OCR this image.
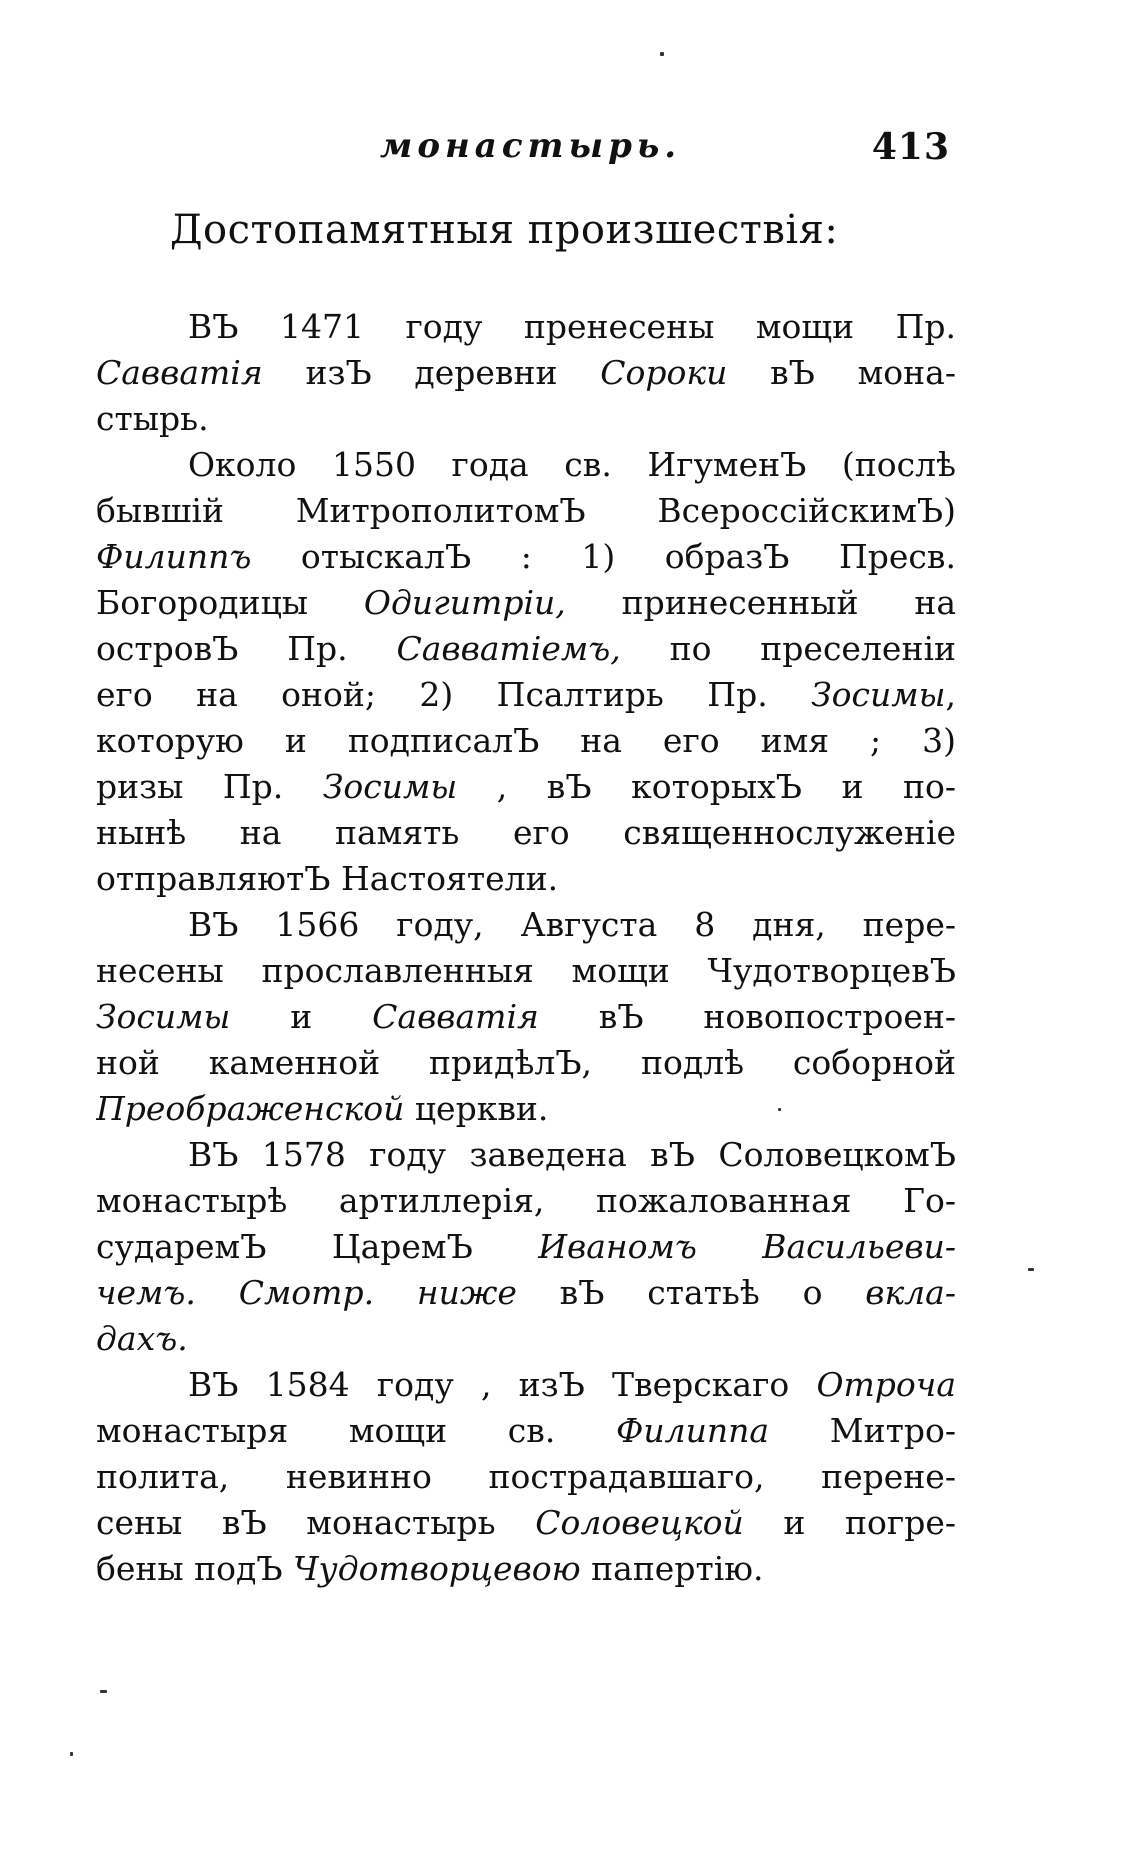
монастырь.	413
Достопамятныя произшествія:
ВЪ 1471 году пренесены мощи Пр.
Савватія изЪ деревни Сороки вЪ мона-
стырь.
Около 1550 года св. ИгуменЪ (послѣ
бывшій МитрополитомЪ ВсероссійскимЪ)
Филиппъ отыскалЪ : 1) образЪ Пресв.
Богородицы Одигитріи, принесенный на
островЪ Пр. Савватіемъ, по преселеніи
его на оной; 2) Псалтирь Пр. Зосимы,
которую и подписалЪ на его имя ; 3)
ризы Пр. Зосимы , вЪ которыхЪ и по-
нынѣ на память его священнослуженіе
отправляютЪ Настоятели.
ВЪ 1566 году, Августа 8 дня, пере-
несены прославленныя мощи ЧудотворцевЪ
Зосимы и Савватія вЪ новопостроен-
ной каменной придѣлЪ, подлѣ соборной
Преображенской церкви.
ВЪ 1578 году заведена вЪ СоловецкомЪ
монастырѣ артиллерія, пожалованная Го-
сударемЪ ЦаремЪ Иваномъ Васильеви-
чемъ. Смотр. ниже вЪ статьѣ о вкла-
дахъ.
ВЪ 1584 году , изЪ Тверскаго Отроча
монастыря мощи св. Филиппа Митро-
полита, невинно пострадавшаго, перене-
сены вЪ монастырь Соловецкой и погре-
бены подЪ Чудотворцевою папертію.
